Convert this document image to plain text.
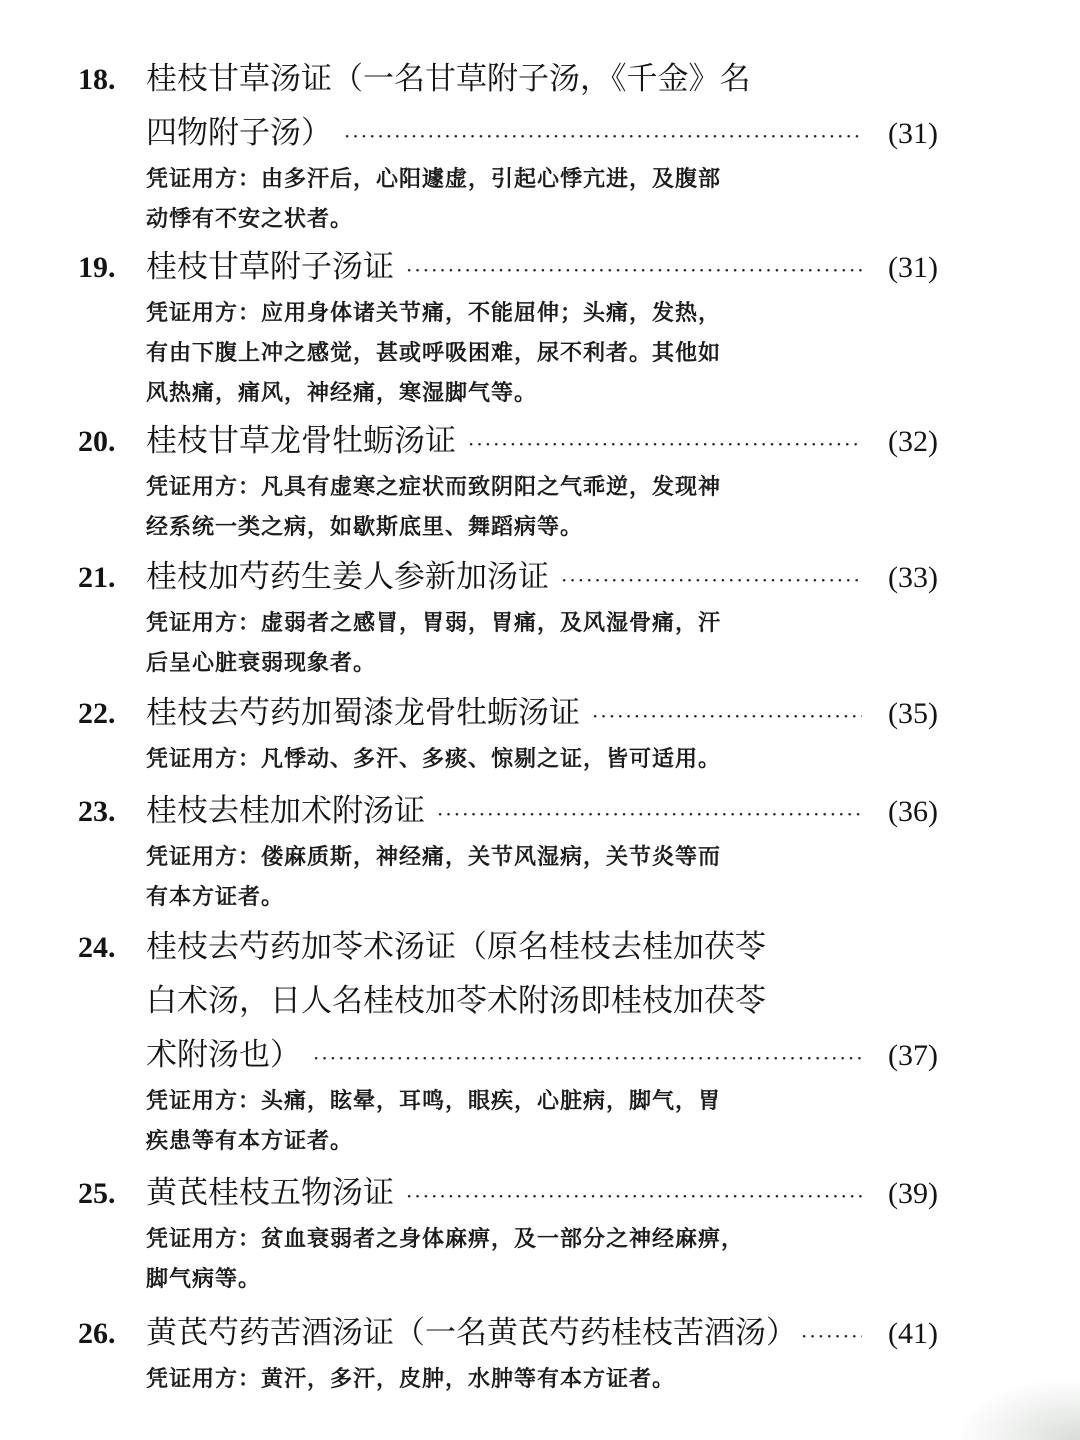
18. 桂枝甘草汤证（一名甘草附子汤，《千金》名
四物附子汤） ·····	(31)
凭证用方：由多汗后，心阳遽虚，引起心悸亢进，及腹部
动悸有不安之状者。
19. 桂枝甘草附子汤证 ·····	(31)
凭证用方：应用身体诸关节痛，不能屈伸；头痛，发热，
有由下腹上冲之感觉，甚或呼吸困难，尿不利者。其他如
风热痛，痛风，神经痛，寒湿脚气等。
20. 桂枝甘草龙骨牡蛎汤证 ·····	(32)
凭证用方：凡具有虚寒之症状而致阴阳之气乖逆，发现神
经系统一类之病，如歇斯底里、舞蹈病等。
21. 桂枝加芍药生姜人参新加汤证 ·····	(33)
凭证用方：虚弱者之感冒，胃弱，胃痛，及风湿骨痛，汗
后呈心脏衰弱现象者。
22. 桂枝去芍药加蜀漆龙骨牡蛎汤证 ·····	(35)
凭证用方：凡悸动、多汗、多痰、惊剔之证，皆可适用。
23. 桂枝去桂加术附汤证 ·····	(36)
凭证用方：偻麻质斯，神经痛，关节风湿病，关节炎等而
有本方证者。
24. 桂枝去芍药加苓术汤证（原名桂枝去桂加茯苓
白术汤，日人名桂枝加苓术附汤即桂枝加茯苓
术附汤也） ·····	(37)
凭证用方：头痛，眩晕，耳鸣，眼疾，心脏病，脚气，胃
疾患等有本方证者。
25. 黄芪桂枝五物汤证 ·····	(39)
凭证用方：贫血衰弱者之身体麻痹，及一部分之神经麻痹，
脚气病等。
26. 黄芪芍药苦酒汤证（一名黄芪芍药桂枝苦酒汤） ·····	(41)
凭证用方：黄汗，多汗，皮肿，水肿等有本方证者。
